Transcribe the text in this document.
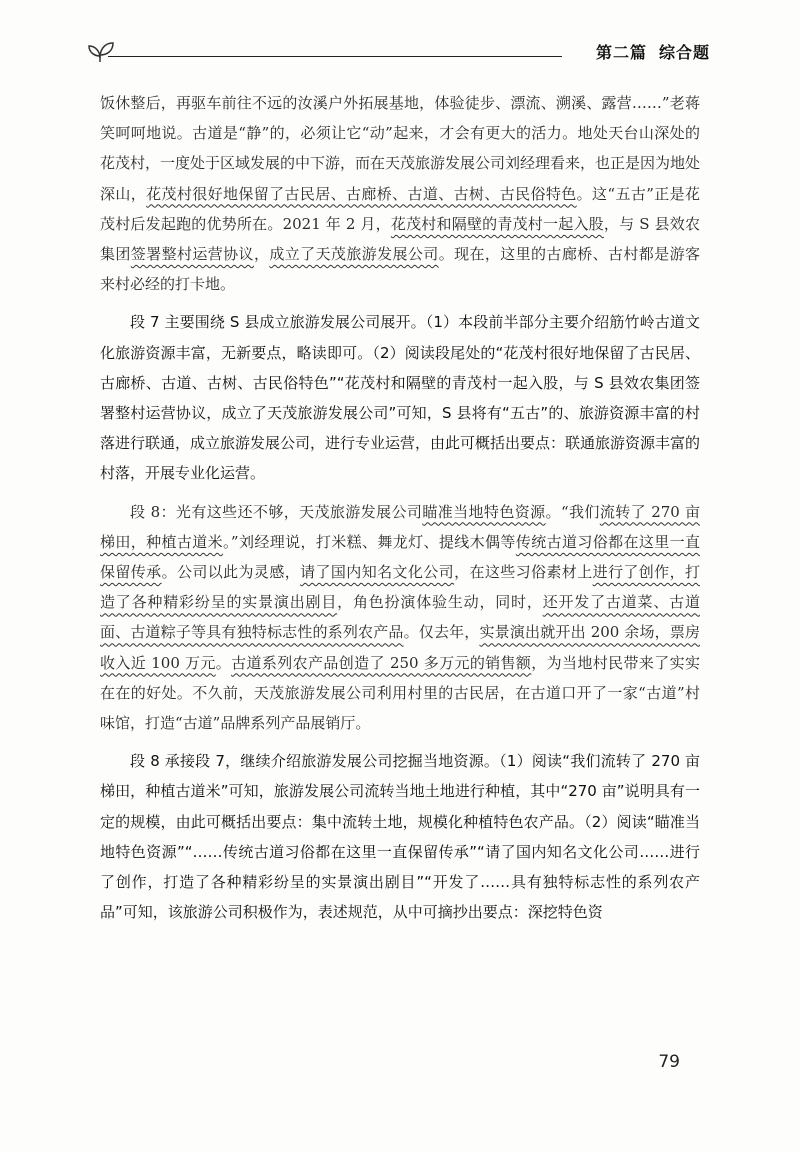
第二篇 综合题

饭休整后，再驱车前往不远的汝溪户外拓展基地，体验徒步、漂流、溯溪、露营……”老蒋笑呵呵地说。古道是“静”的，必须让它“动”起来，才会有更大的活力。地处天台山深处的花茂村，一度处于区域发展的中下游，而在天茂旅游发展公司刘经理看来，也正是因为地处深山，花茂村很好地保留了古民居、古廊桥、古道、古树、古民俗特色。这“五古”正是花茂村后发起跑的优势所在。2021 年 2 月，花茂村和隔壁的青茂村一起入股，与 S 县效农集团签署整村运营协议，成立了天茂旅游发展公司。现在，这里的古廊桥、古村都是游客来村必经的打卡地。

段 7 主要围绕 S 县成立旅游发展公司展开。（1）本段前半部分主要介绍筋竹岭古道文化旅游资源丰富，无新要点，略读即可。（2）阅读段尾处的“花茂村很好地保留了古民居、古廊桥、古道、古树、古民俗特色”“花茂村和隔壁的青茂村一起入股，与 S 县效农集团签署整村运营协议，成立了天茂旅游发展公司”可知，S 县将有“五古”的、旅游资源丰富的村落进行联通，成立旅游发展公司，进行专业运营，由此可概括出要点：联通旅游资源丰富的村落，开展专业化运营。

段 8：光有这些还不够，天茂旅游发展公司瞄准当地特色资源。“我们流转了 270 亩梯田，种植古道米。”刘经理说，打米糕、舞龙灯、提线木偶等传统古道习俗都在这里一直保留传承。公司以此为灵感，请了国内知名文化公司，在这些习俗素材上进行了创作，打造了各种精彩纷呈的实景演出剧目，角色扮演体验生动，同时，还开发了古道菜、古道面、古道粽子等具有独特标志性的系列农产品。仅去年，实景演出就开出 200 余场，票房收入近 100 万元。古道系列农产品创造了 250 多万元的销售额，为当地村民带来了实实在在的好处。不久前，天茂旅游发展公司利用村里的古民居，在古道口开了一家“古道”村味馆，打造“古道”品牌系列产品展销厅。

段 8 承接段 7，继续介绍旅游发展公司挖掘当地资源。（1）阅读“我们流转了 270 亩梯田，种植古道米”可知，旅游发展公司流转当地土地进行种植，其中“270 亩”说明具有一定的规模，由此可概括出要点：集中流转土地，规模化种植特色农产品。（2）阅读“瞄准当地特色资源”“……传统古道习俗都在这里一直保留传承”“请了国内知名文化公司……进行了创作，打造了各种精彩纷呈的实景演出剧目”“开发了……具有独特标志性的系列农产品”可知，该旅游公司积极作为，表述规范，从中可摘抄出要点：深挖特色资

79
